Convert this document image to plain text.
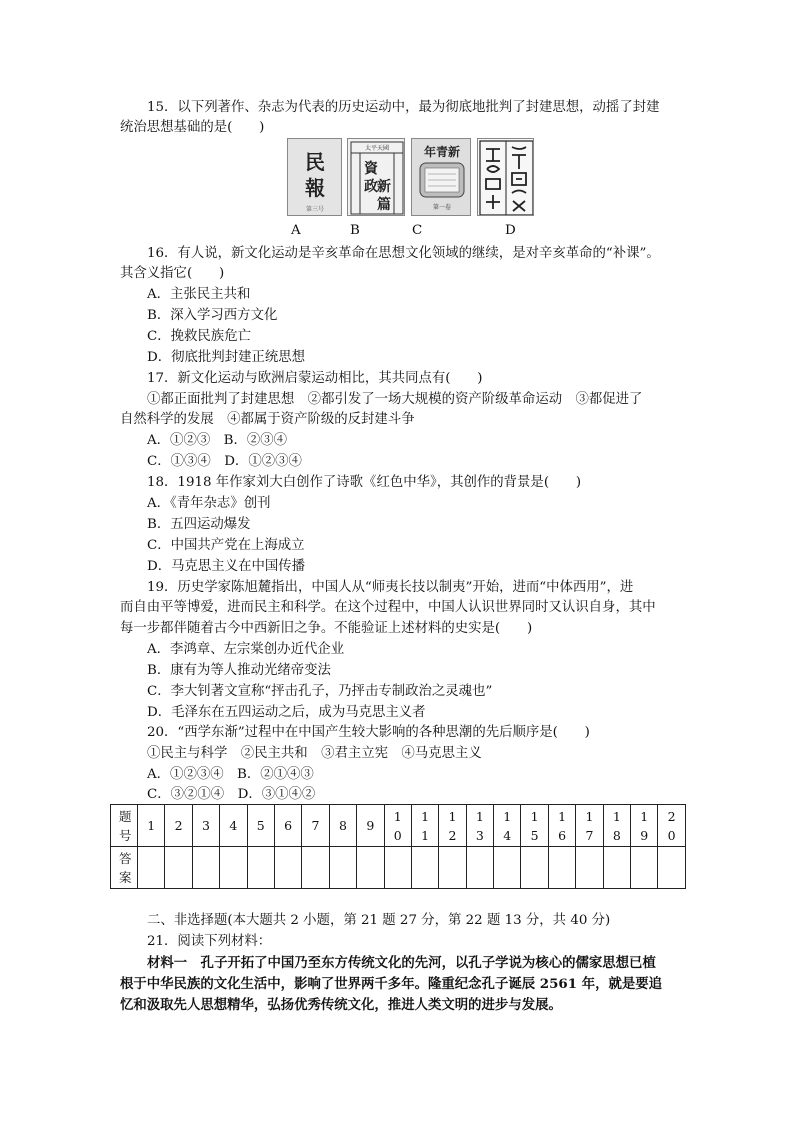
15．以下列著作、杂志为代表的历史运动中，最为彻底地批判了封建思想，动摇了封建
统治思想基础的是(　　)
民
報
第三号
太平天國
資
政 新
篇
年青新
第一卷
A	B	C	D
16．有人说，新文化运动是辛亥革命在思想文化领域的继续，是对辛亥革命的“补课”。
其含义指它(　　)
A．主张民主共和
B．深入学习西方文化
C．挽救民族危亡
D．彻底批判封建正统思想
17．新文化运动与欧洲启蒙运动相比，其共同点有(　　)
①都正面批判了封建思想　②都引发了一场大规模的资产阶级革命运动　③都促进了
自然科学的发展　④都属于资产阶级的反封建斗争
A．①②③　B．②③④
C．①③④　D．①②③④
18．1918 年作家刘大白创作了诗歌《红色中华》，其创作的背景是(　　)
A．《青年杂志》创刊
B．五四运动爆发
C．中国共产党在上海成立
D．马克思主义在中国传播
19．历史学家陈旭麓指出，中国人从“师夷长技以制夷”开始，进而“中体西用”，进
而自由平等博爱，进而民主和科学。在这个过程中，中国人认识世界同时又认识自身，其中
每一步都伴随着古今中西新旧之争。不能验证上述材料的史实是(　　)
A．李鸿章、左宗棠创办近代企业
B．康有为等人推动光绪帝变法
C．李大钊著文宣称“抨击孔子，乃抨击专制政治之灵魂也”
D．毛泽东在五四运动之后，成为马克思主义者
20．“西学东渐”过程中在中国产生较大影响的各种思潮的先后顺序是(　　)
①民主与科学　②民主共和　③君主立宪　④马克思主义
A．①②③④　B．②①④③
C．③②①④　D．③①④②
题号	1	2	3	4	5	6	7	8	9	10	11	12	13	14	15	16	17	18	19	20
答案																				
二、非选择题(本大题共 2 小题，第 21 题 27 分，第 22 题 13 分，共 40 分)
21．阅读下列材料：
材料一　孔子开拓了中国乃至东方传统文化的先河，以孔子学说为核心的儒家思想已植
根于中华民族的文化生活中，影响了世界两千多年。隆重纪念孔子诞辰 2561 年，就是要追
忆和汲取先人思想精华，弘扬优秀传统文化，推进人类文明的进步与发展。
